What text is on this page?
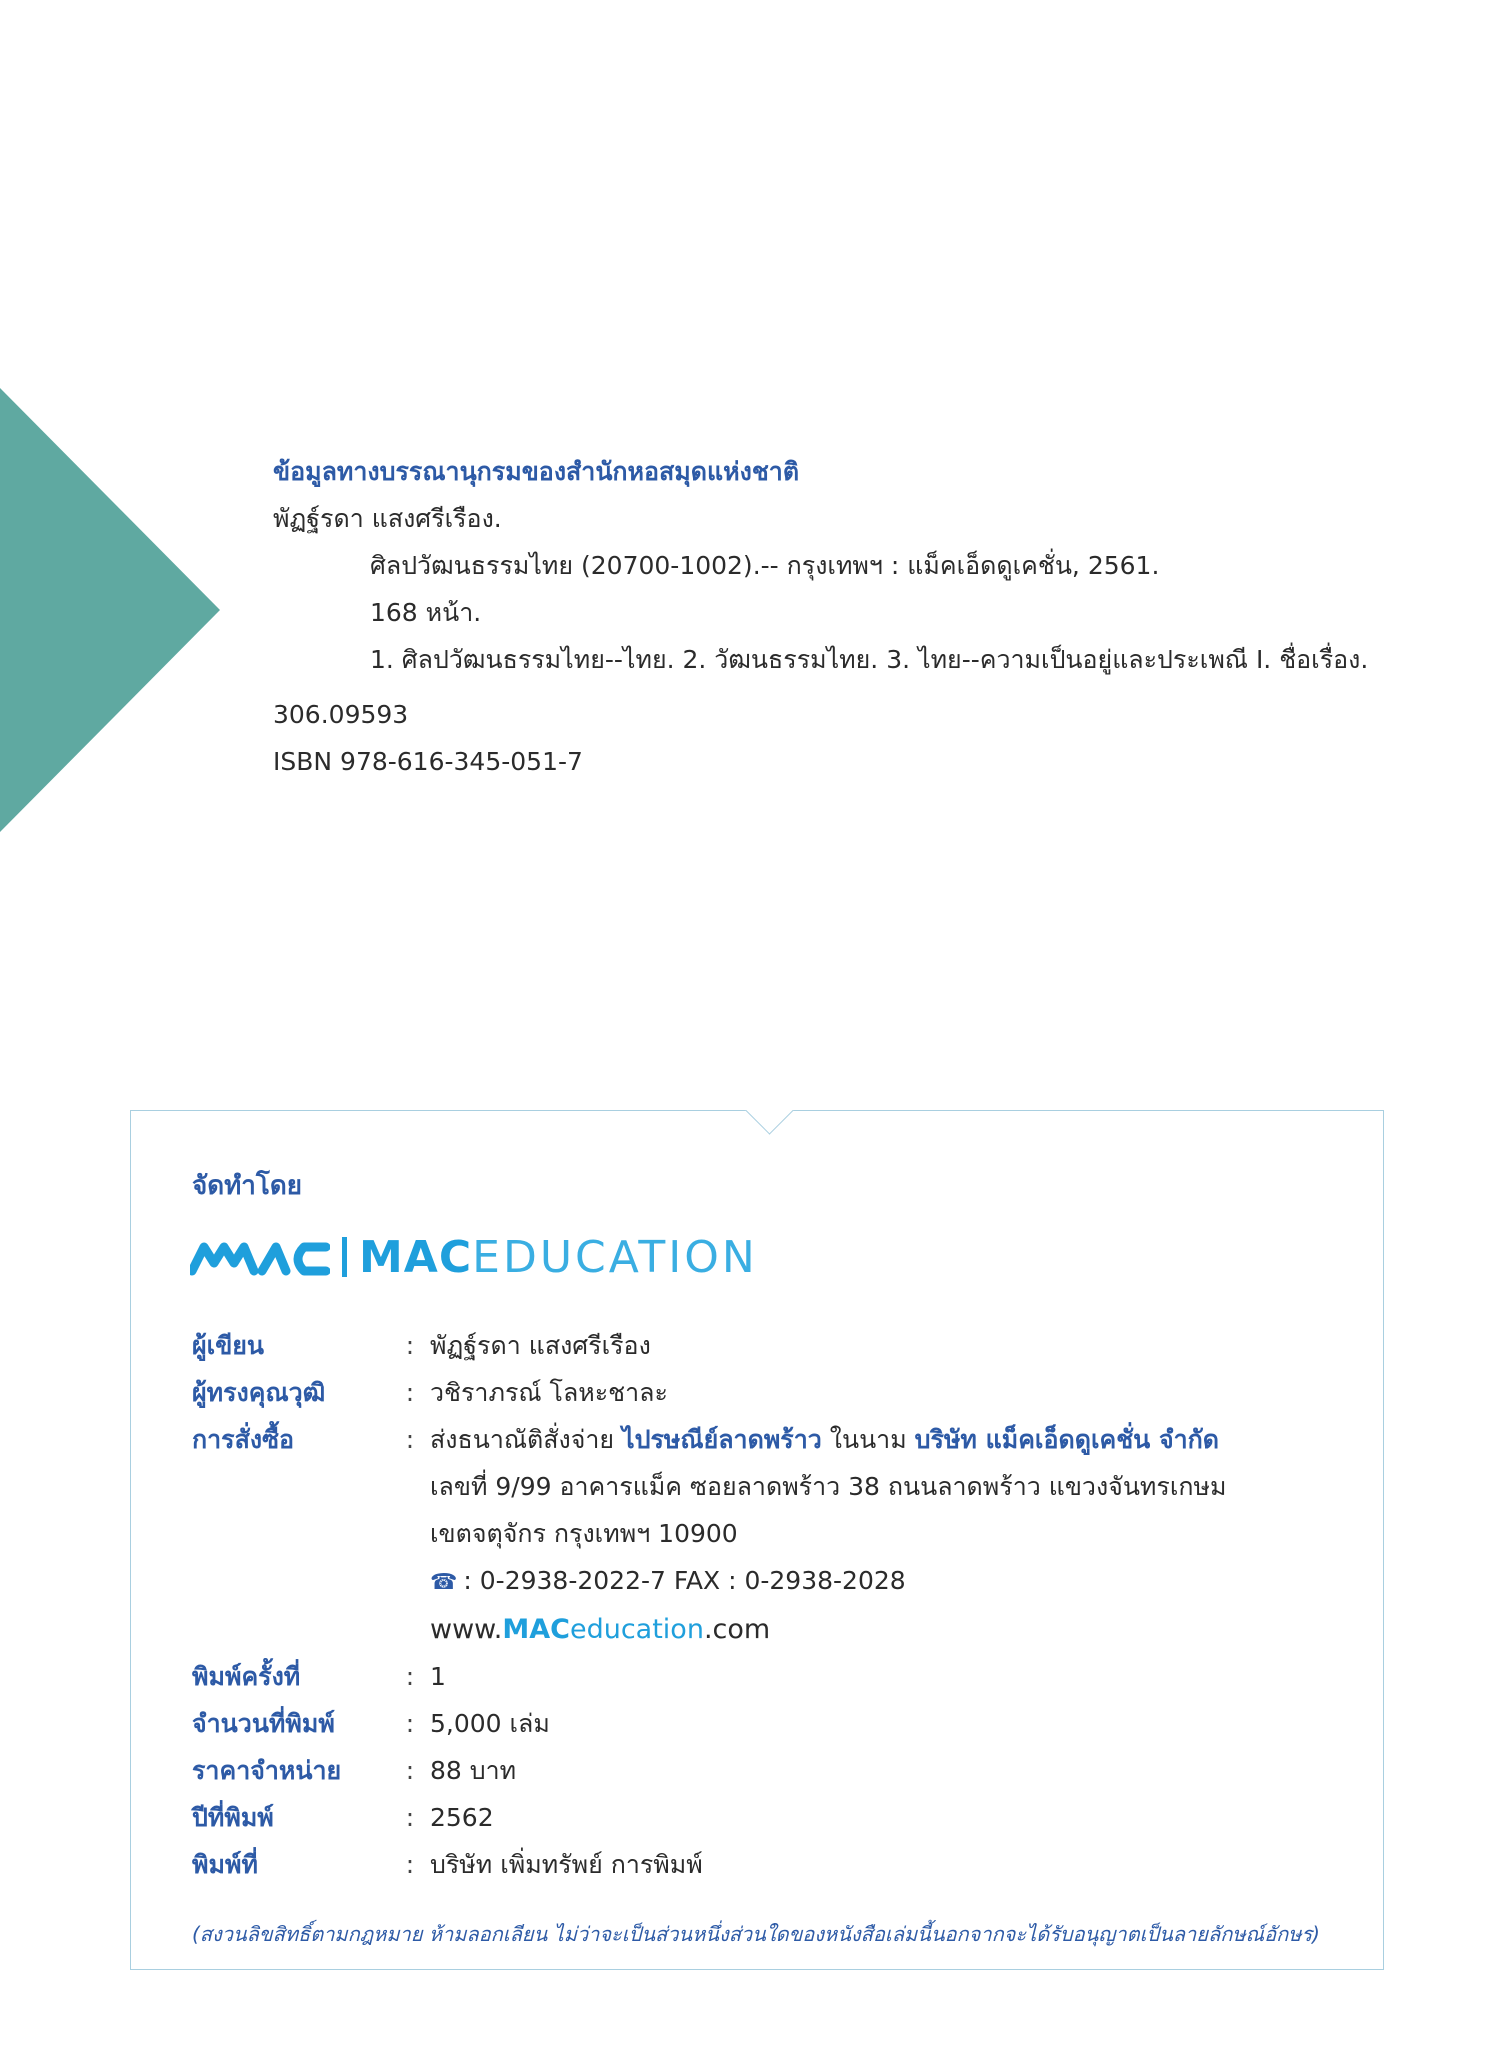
ข้อมูลทางบรรณานุกรมของสำนักหอสมุดแห่งชาติ
พัฏฐ์รดา แสงศรีเรือง.
ศิลปวัฒนธรรมไทย (20700-1002).-- กรุงเทพฯ : แม็คเอ็ดดูเคชั่น, 2561.
168 หน้า.
1. ศิลปวัฒนธรรมไทย--ไทย. 2. วัฒนธรรมไทย. 3. ไทย--ความเป็นอยู่และประเพณี I. ชื่อเรื่อง.
306.09593
ISBN 978-616-345-051-7
จัดทำโดย
MACEDUCATION
ผู้เขียน	: พัฏฐ์รดา แสงศรีเรือง
ผู้ทรงคุณวุฒิ	: วชิราภรณ์ โลหะชาละ
การสั่งซื้อ	: ส่งธนาณัติสั่งจ่าย ไปรษณีย์ลาดพร้าว ในนาม บริษัท แม็คเอ็ดดูเคชั่น จำกัด
เลขที่ 9/99 อาคารแม็ค ซอยลาดพร้าว 38 ถนนลาดพร้าว แขวงจันทรเกษม
เขตจตุจักร กรุงเทพฯ 10900
☎ : 0-2938-2022-7 FAX : 0-2938-2028
www.MACeducation.com
พิมพ์ครั้งที่	: 1
จำนวนที่พิมพ์	: 5,000 เล่ม
ราคาจำหน่าย	: 88 บาท
ปีที่พิมพ์	: 2562
พิมพ์ที่	: บริษัท เพิ่มทรัพย์ การพิมพ์
(สงวนลิขสิทธิ์ตามกฎหมาย ห้ามลอกเลียน ไม่ว่าจะเป็นส่วนหนึ่งส่วนใดของหนังสือเล่มนี้นอกจากจะได้รับอนุญาตเป็นลายลักษณ์อักษร)
